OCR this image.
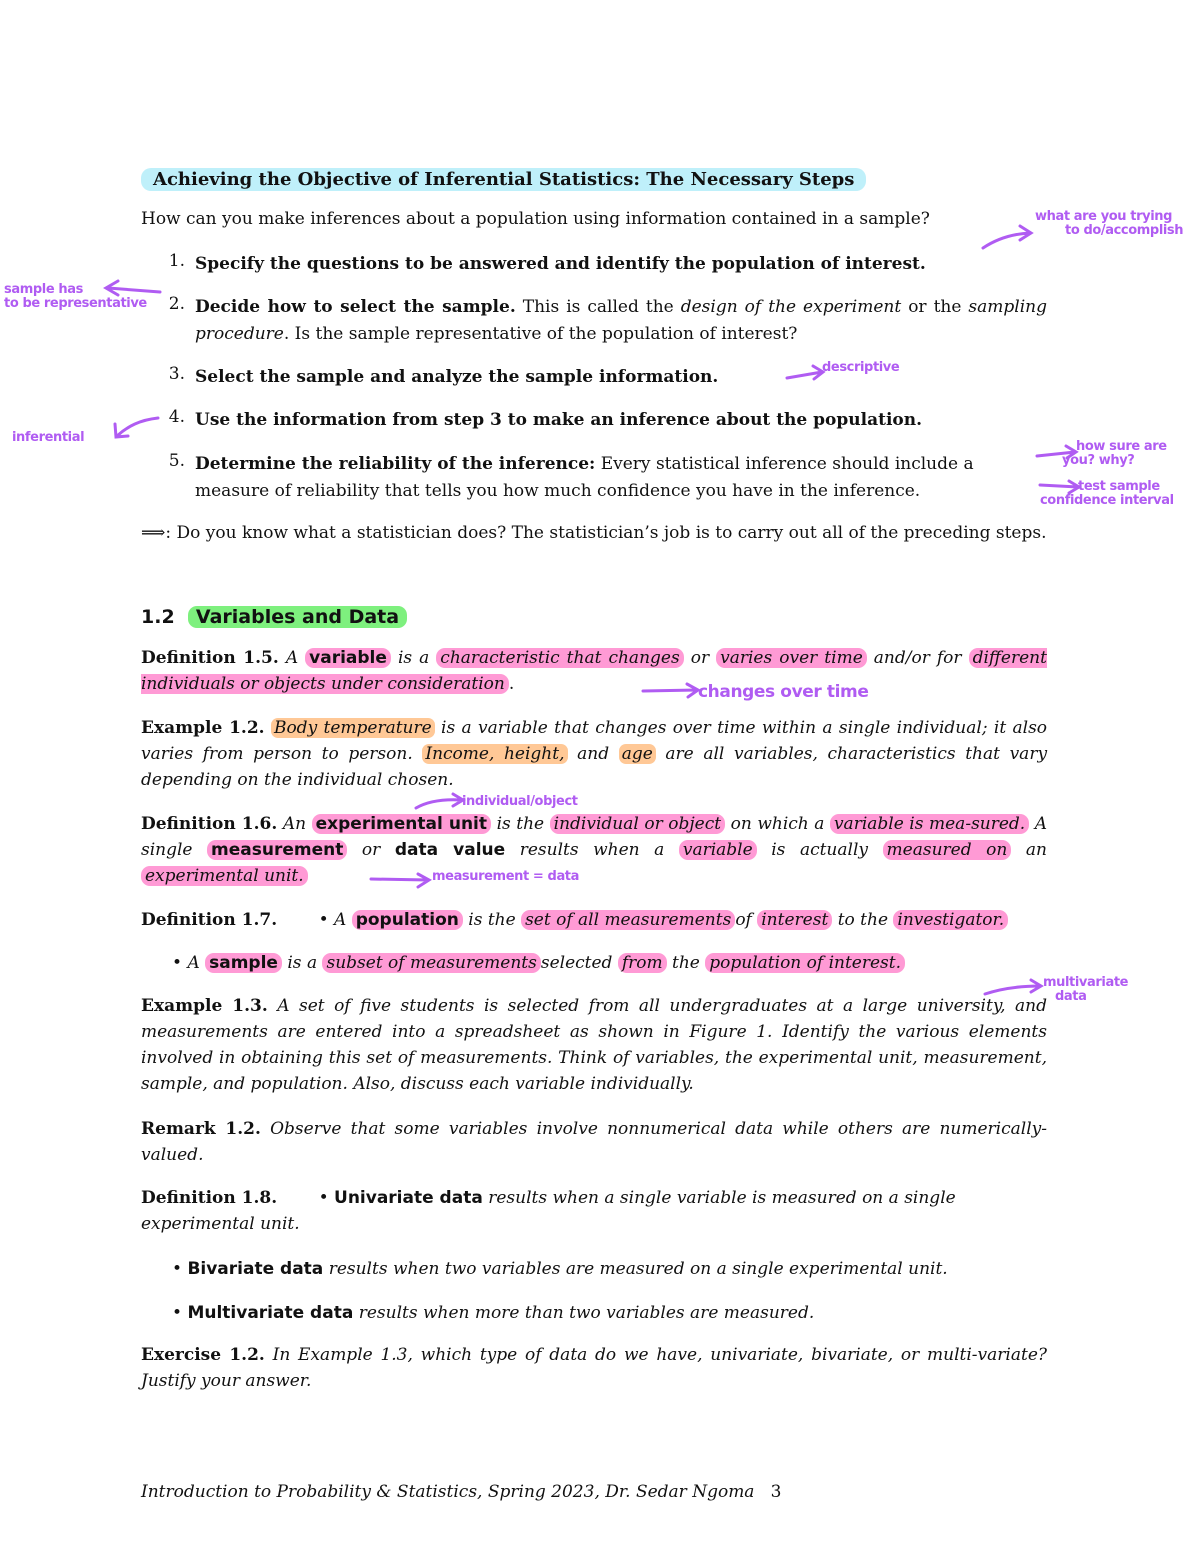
Achieving the Objective of Inferential Statistics: The Necessary Steps
How can you make inferences about a population using information contained in a sample?
1. Specify the questions to be answered and identify the population of interest.
2. Decide how to select the sample. This is called the design of the experiment or the sampling procedure. Is the sample representative of the population of interest?
3. Select the sample and analyze the sample information.
4. Use the information from step 3 to make an inference about the population.
5. Determine the reliability of the inference: Every statistical inference should include a measure of reliability that tells you how much confidence you have in the inference.
⟹: Do you know what a statistician does? The statistician’s job is to carry out all of the preceding steps.
1.2 Variables and Data
Definition 1.5. A variable is a characteristic that changes or varies over time and/or for different individuals or objects under consideration .
Example 1.2. Body temperature is a variable that changes over time within a single individual; it also varies from person to person. Income, height, and age are all variables, characteristics that vary depending on the individual chosen.
Definition 1.6. An experimental unit is the individual or object on which a variable is mea-sured. A single measurement or data value results when a variable is actually measured on an experimental unit.
Definition 1.7. • A population is the set of all measurements of interest to the investigator.
• A sample is a subset of measurements selected from the population of interest.
Example 1.3. A set of five students is selected from all undergraduates at a large university, and measurements are entered into a spreadsheet as shown in Figure 1. Identify the various elements involved in obtaining this set of measurements. Think of variables, the experimental unit, measurement, sample, and population. Also, discuss each variable individually.
Remark 1.2. Observe that some variables involve nonnumerical data while others are numerically-valued.
Definition 1.8. • Univariate data results when a single variable is measured on a single experimental unit.
• Bivariate data results when two variables are measured on a single experimental unit.
• Multivariate data results when more than two variables are measured.
Exercise 1.2. In Example 1.3, which type of data do we have, univariate, bivariate, or multi-variate? Justify your answer.
Introduction to Probability & Statistics, Spring 2023, Dr. Sedar Ngoma 3
what are you trying
to do/accomplish
sample has
to be representative
descriptive
inferential
how sure are
you? why?
test sample
confidence interval
changes over time
individual/object
measurement = data
multivariate
data
